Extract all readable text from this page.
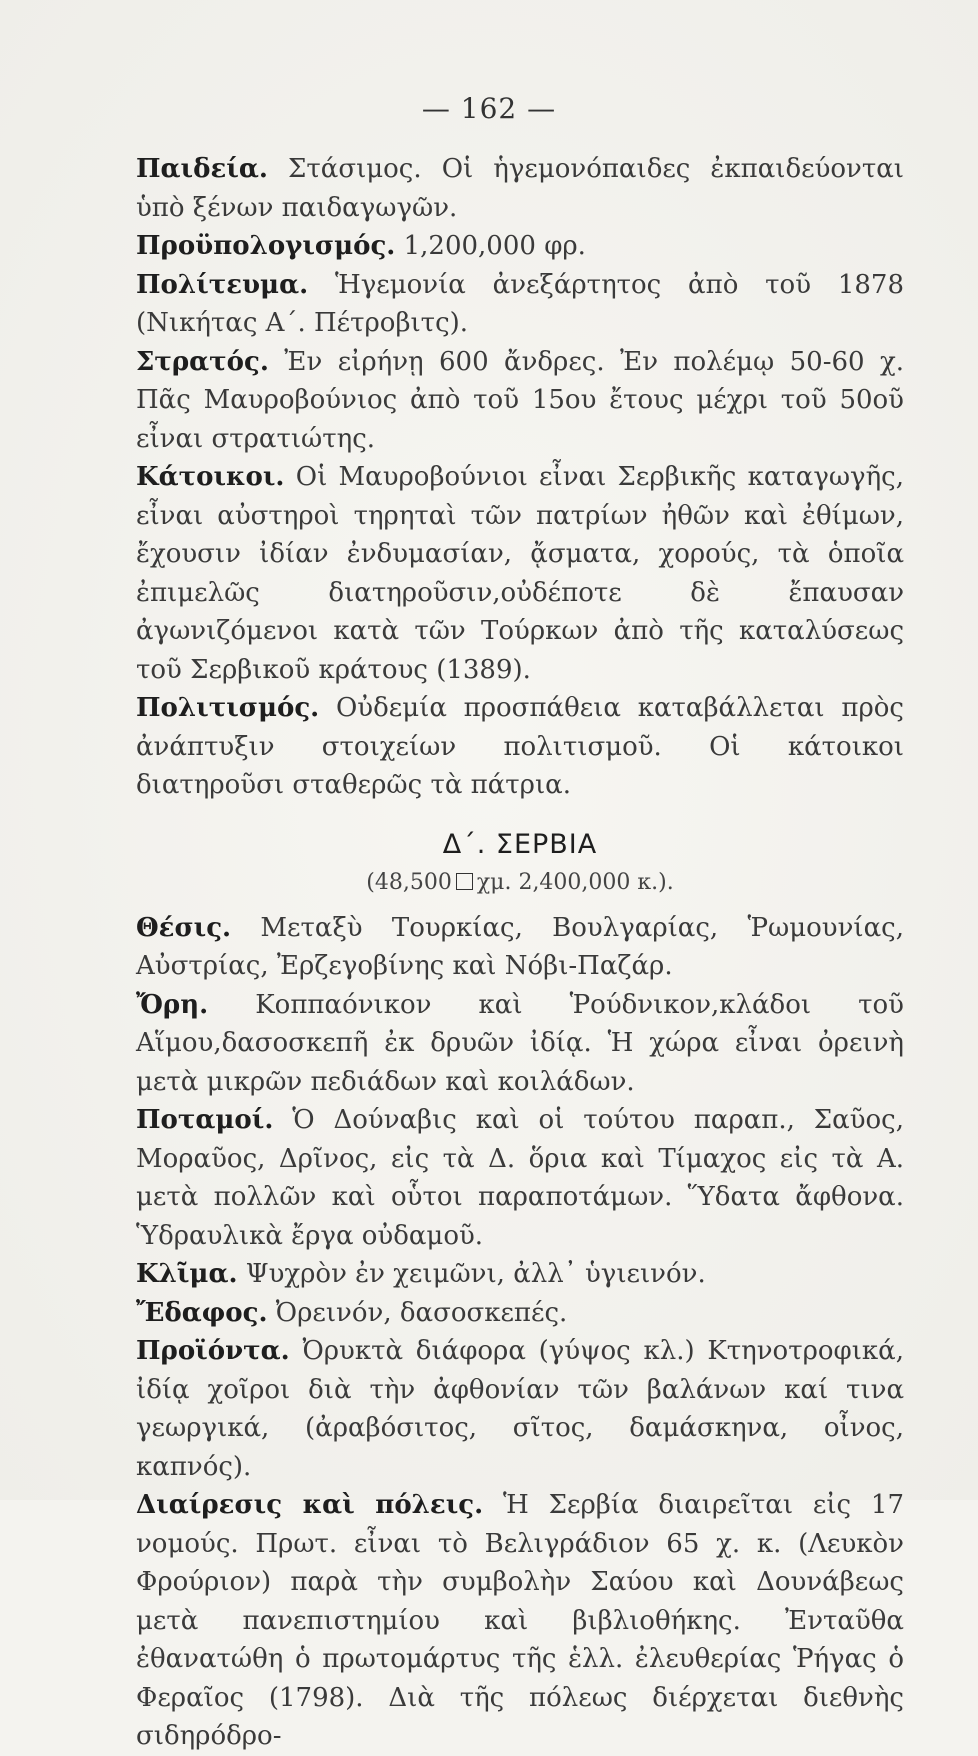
— 162 —

Παιδεία. Στάσιμος. Οἱ ἡγεμονόπαιδες ἐκπαιδεύονται ὑπὸ ξένων παιδαγωγῶν.

Προϋπολογισμός. 1,200,000 φρ.

Πολίτευμα. Ἡγεμονία ἀνεξάρτητος ἀπὸ τοῦ 1878 (Νικήτας Α΄. Πέτροβιτς).

Στρατός. Ἐν εἰρήνῃ 600 ἄνδρες. Ἐν πολέμῳ 50-60 χ. Πᾶς Μαυροβούνιος ἀπὸ τοῦ 15ου ἔτους μέχρι τοῦ 50οῦ εἶναι στρατιώτης.

Κάτοικοι. Οἱ Μαυροβούνιοι εἶναι Σερβικῆς καταγωγῆς, εἶναι αὐστηροὶ τηρηταὶ τῶν πατρίων ἠθῶν καὶ ἐθίμων, ἔχουσιν ἰδίαν ἐνδυμασίαν, ᾄσματα, χορούς, τὰ ὁποῖα ἐπιμελῶς διατηροῦσιν,οὐδέποτε δὲ ἔπαυσαν ἀγωνιζόμενοι κατὰ τῶν Τούρκων ἀπὸ τῆς καταλύσεως τοῦ Σερβικοῦ κράτους (1389).

Πολιτισμός. Οὐδεμία προσπάθεια καταβάλλεται πρὸς ἀνάπτυξιν στοιχείων πολιτισμοῦ. Οἱ κάτοικοι διατηροῦσι σταθερῶς τὰ πάτρια.

Δ΄. ΣΕΡΒΙΑ
(48,500 χμ. 2,400,000 κ.).

Θέσις. Μεταξὺ Τουρκίας, Βουλγαρίας, Ῥωμουνίας, Αὐστρίας, Ἐρζεγοβίνης καὶ Νόβι-Παζάρ.

Ὄρη. Κοππαόνικον καὶ Ῥούδνικον,κλάδοι τοῦ Αἵμου,δασοσκεπῆ ἐκ δρυῶν ἰδίᾳ. Ἡ χώρα εἶναι ὀρεινὴ μετὰ μικρῶν πεδιάδων καὶ κοιλάδων.

Ποταμοί. Ὁ Δούναβις καὶ οἱ τούτου παραπ., Σαῦος, Μοραῦος, Δρῖνος, εἰς τὰ Δ. ὅρια καὶ Τίμαχος εἰς τὰ Α. μετὰ πολλῶν καὶ οὗτοι παραποτάμων. Ὕδατα ἄφθονα. Ὑδραυλικὰ ἔργα οὐδαμοῦ.

Κλῖμα. Ψυχρὸν ἐν χειμῶνι, ἀλλ᾽ ὑγιεινόν.

Ἔδαφος. Ὀρεινόν, δασοσκεπές.

Προϊόντα. Ὀρυκτὰ διάφορα (γύψος κλ.) Κτηνοτροφικά, ἰδίᾳ χοῖροι διὰ τὴν ἀφθονίαν τῶν βαλάνων καί τινα γεωργικά, (ἀραβόσιτος, σῖτος, δαμάσκηνα, οἶνος, καπνός).

Διαίρεσις καὶ πόλεις. Ἡ Σερβία διαιρεῖται εἰς 17 νομούς. Πρωτ. εἶναι τὸ Βελιγράδιον 65 χ. κ. (Λευκὸν Φρούριον) παρὰ τὴν συμβολὴν Σαύου καὶ Δουνάβεως μετὰ πανεπιστημίου καὶ βιβλιοθήκης. Ἐνταῦθα ἐθανατώθη ὁ πρωτομάρτυς τῆς ἑλλ. ἐλευθερίας Ῥήγας ὁ Φεραῖος (1798). Διὰ τῆς πόλεως διέρχεται διεθνὴς σιδηρόδρο-
